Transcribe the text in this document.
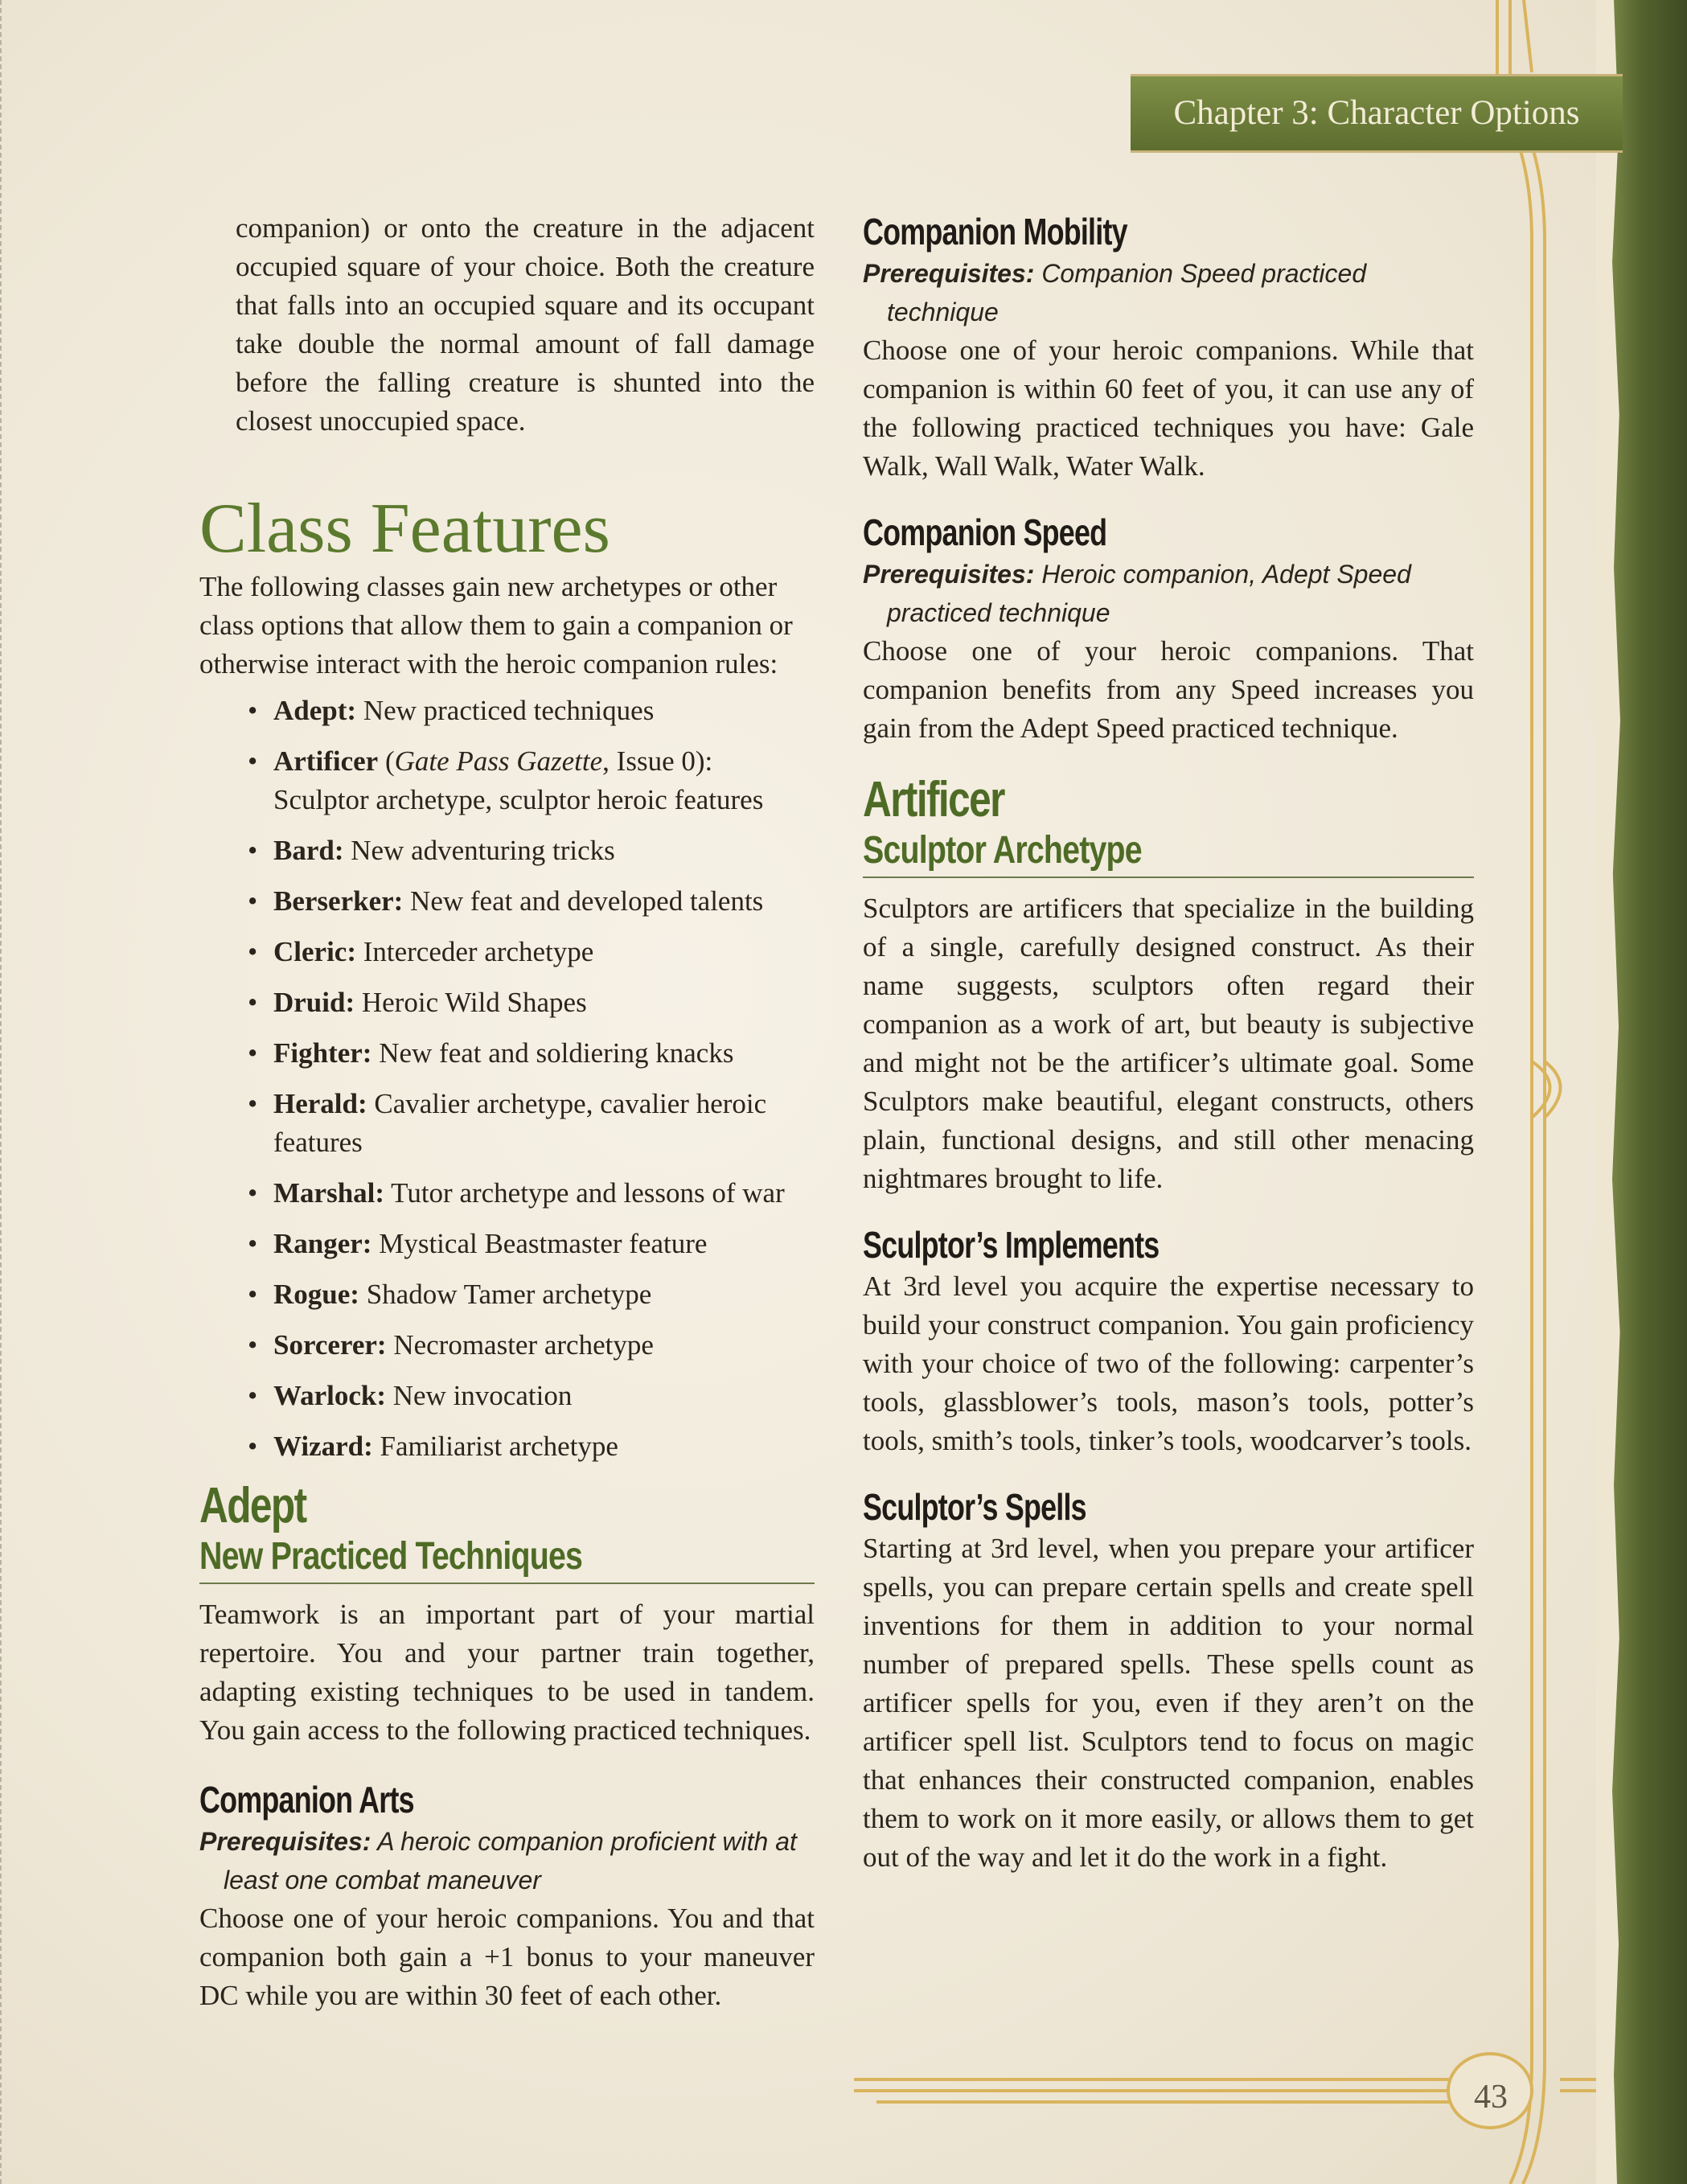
Chapter 3: Character Options
43

companion) or onto the creature in the adjacent occupied square of your choice. Both the creature that falls into an occupied square and its occupant take double the normal amount of fall damage before the falling creature is shunted into the closest unoccupied space.

Class Features

The following classes gain new archetypes or other class options that allow them to gain a companion or otherwise interact with the heroic companion rules:

• Adept: New practiced techniques
• Artificer (Gate Pass Gazette, Issue 0): Sculptor archetype, sculptor heroic features
• Bard: New adventuring tricks
• Berserker: New feat and developed talents
• Cleric: Interceder archetype
• Druid: Heroic Wild Shapes
• Fighter: New feat and soldiering knacks
• Herald: Cavalier archetype, cavalier heroic features
• Marshal: Tutor archetype and lessons of war
• Ranger: Mystical Beastmaster feature
• Rogue: Shadow Tamer archetype
• Sorcerer: Necromaster archetype
• Warlock: New invocation
• Wizard: Familiarist archetype
Adept
New Practiced Techniques

Teamwork is an important part of your martial repertoire. You and your partner train together, adapting existing techniques to be used in tandem. You gain access to the following practiced techniques.

Companion Arts

Prerequisites: A heroic companion proficient with at least one combat maneuver

Choose one of your heroic companions. You and that companion both gain a +1 bonus to your maneuver DC while you are within 30 feet of each other.

Companion Mobility

Prerequisites: Companion Speed practiced technique

Choose one of your heroic companions. While that companion is within 60 feet of you, it can use any of the following practiced techniques you have: Gale Walk, Wall Walk, Water Walk.

Companion Speed

Prerequisites: Heroic companion, Adept Speed practiced technique

Choose one of your heroic companions. That companion benefits from any Speed increases you gain from the Adept Speed practiced technique.

Artificer
Sculptor Archetype

Sculptors are artificers that specialize in the building of a single, carefully designed construct. As their name suggests, sculptors often regard their companion as a work of art, but beauty is subjective and might not be the artificer’s ultimate goal. Some Sculptors make beautiful, elegant constructs, others plain, functional designs, and still other menacing nightmares brought to life.

Sculptor’s Implements

At 3rd level you acquire the expertise necessary to build your construct companion. You gain proficiency with your choice of two of the following: carpenter’s tools, glassblower’s tools, mason’s tools, potter’s tools, smith’s tools, tinker’s tools, woodcarver’s tools.

Sculptor’s Spells

Starting at 3rd level, when you prepare your artificer spells, you can prepare certain spells and create spell inventions for them in addition to your normal number of prepared spells. These spells count as artificer spells for you, even if they aren’t on the artificer spell list. Sculptors tend to focus on magic that enhances their constructed companion, enables them to work on it more easily, or allows them to get out of the way and let it do the work in a fight.
